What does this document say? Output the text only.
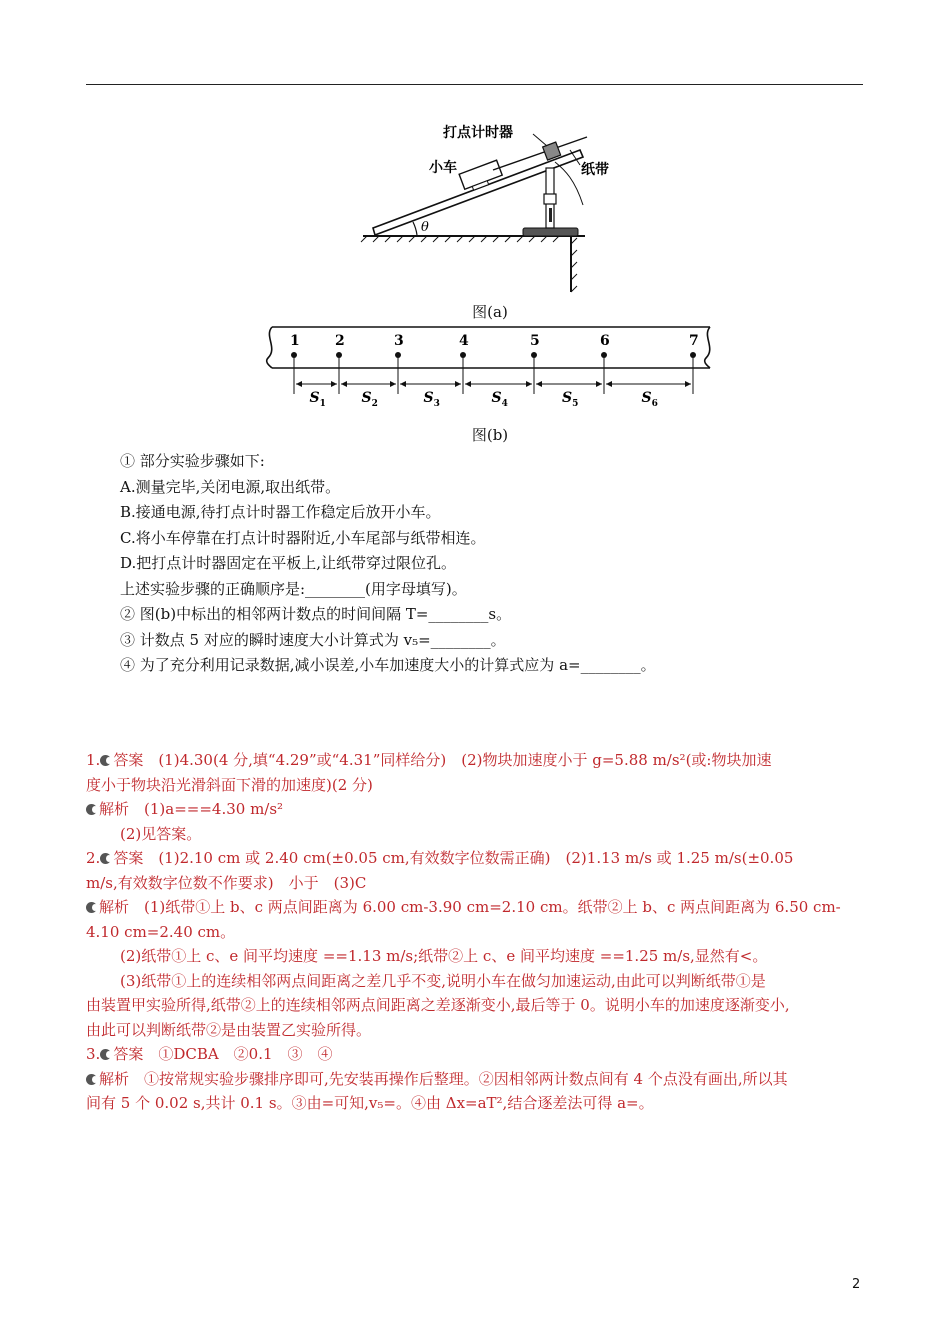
θ
打点计时器
小车	纸带
图(a)
1	2	3	4	5	6	7
$S_1$	$S_2$	$S_3$	$S_4$	$S_5$	$S_6$
图(b)
① 部分实验步骤如下:
A.测量完毕,关闭电源,取出纸带。
B.接通电源,待打点计时器工作稳定后放开小车。
C.将小车停靠在打点计时器附近,小车尾部与纸带相连。
D.把打点计时器固定在平板上,让纸带穿过限位孔。
上述实验步骤的正确顺序是:________(用字母填写)。
② 图(b)中标出的相邻两计数点的时间间隔 T=________s。
③ 计数点 5 对应的瞬时速度大小计算式为 v₅=________。
④ 为了充分利用记录数据,减小误差,小车加速度大小的计算式应为 a=________。
1. 答案　(1)4.30(4 分,填“4.29”或“4.31”同样给分)　(2)物块加速度小于 g=5.88 m/s²(或:物块加速
度小于物块沿光滑斜面下滑的加速度)(2 分)
解析　(1)a===4.30 m/s²
(2)见答案。
2. 答案　(1)2.10 cm 或 2.40 cm(±0.05 cm,有效数字位数需正确)　(2)1.13 m/s 或 1.25 m/s(±0.05
m/s,有效数字位数不作要求)　小于　(3)C
解析　(1)纸带①上 b、c 两点间距离为 6.00 cm-3.90 cm=2.10 cm。纸带②上 b、c 两点间距离为 6.50 cm-
4.10 cm=2.40 cm。
(2)纸带①上 c、e 间平均速度 ==1.13 m/s;纸带②上 c、e 间平均速度 ==1.25 m/s,显然有<。
(3)纸带①上的连续相邻两点间距离之差几乎不变,说明小车在做匀加速运动,由此可以判断纸带①是
由装置甲实验所得,纸带②上的连续相邻两点间距离之差逐渐变小,最后等于 0。说明小车的加速度逐渐变小,
由此可以判断纸带②是由装置乙实验所得。
3. 答案　①DCBA　②0.1　③　④
解析　①按常规实验步骤排序即可,先安装再操作后整理。②因相邻两计数点间有 4 个点没有画出,所以其
间有 5 个 0.02 s,共计 0.1 s。③由=可知,v₅=。④由 Δx=aT²,结合逐差法可得 a=。
2
